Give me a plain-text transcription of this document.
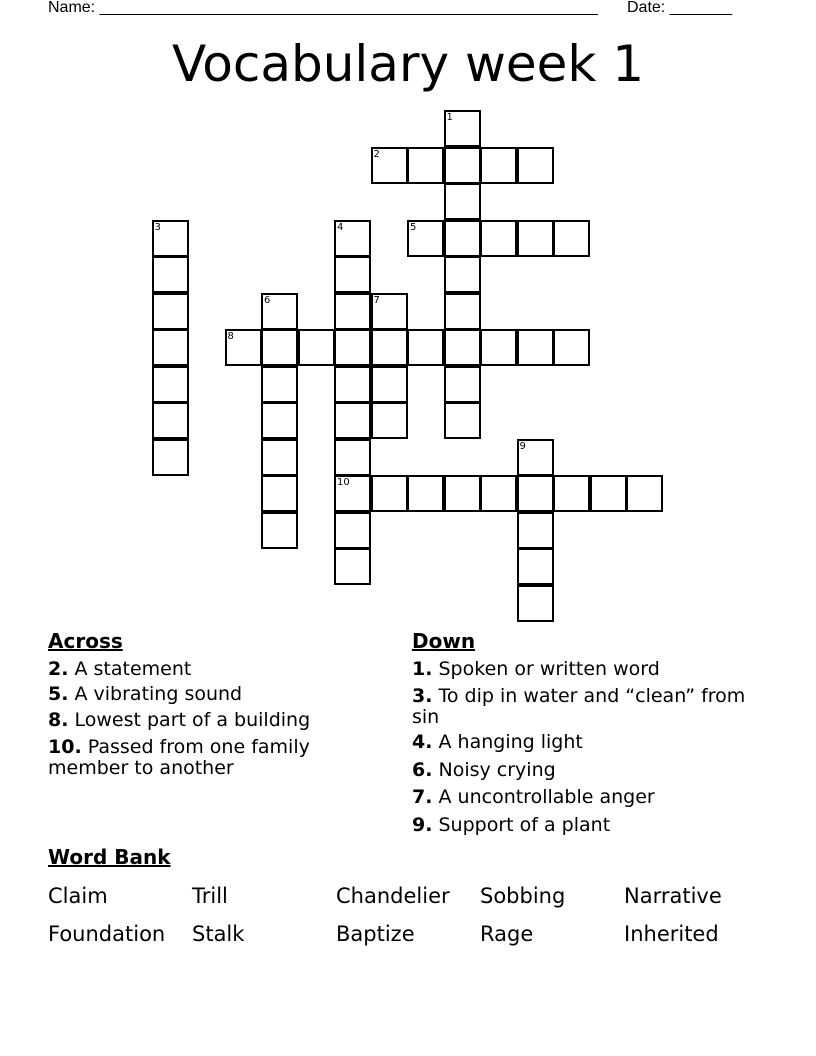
Name: ________________________________________________________ Date: _______
Vocabulary week 1
1
2
3	4
10
5
6	7
8
9
Across
2. A statement
5. A vibrating sound
8. Lowest part of a building
10. Passed from one family member to another
Down
1. Spoken or written word
3. To dip in water and “clean” from sin
4. A hanging light
6. Noisy crying
7. A uncontrollable anger
9. Support of a plant
Word Bank
Claim	Trill	Chandelier Sobbing	Narrative
Foundation Stalk	Baptize	Rage	Inherited
